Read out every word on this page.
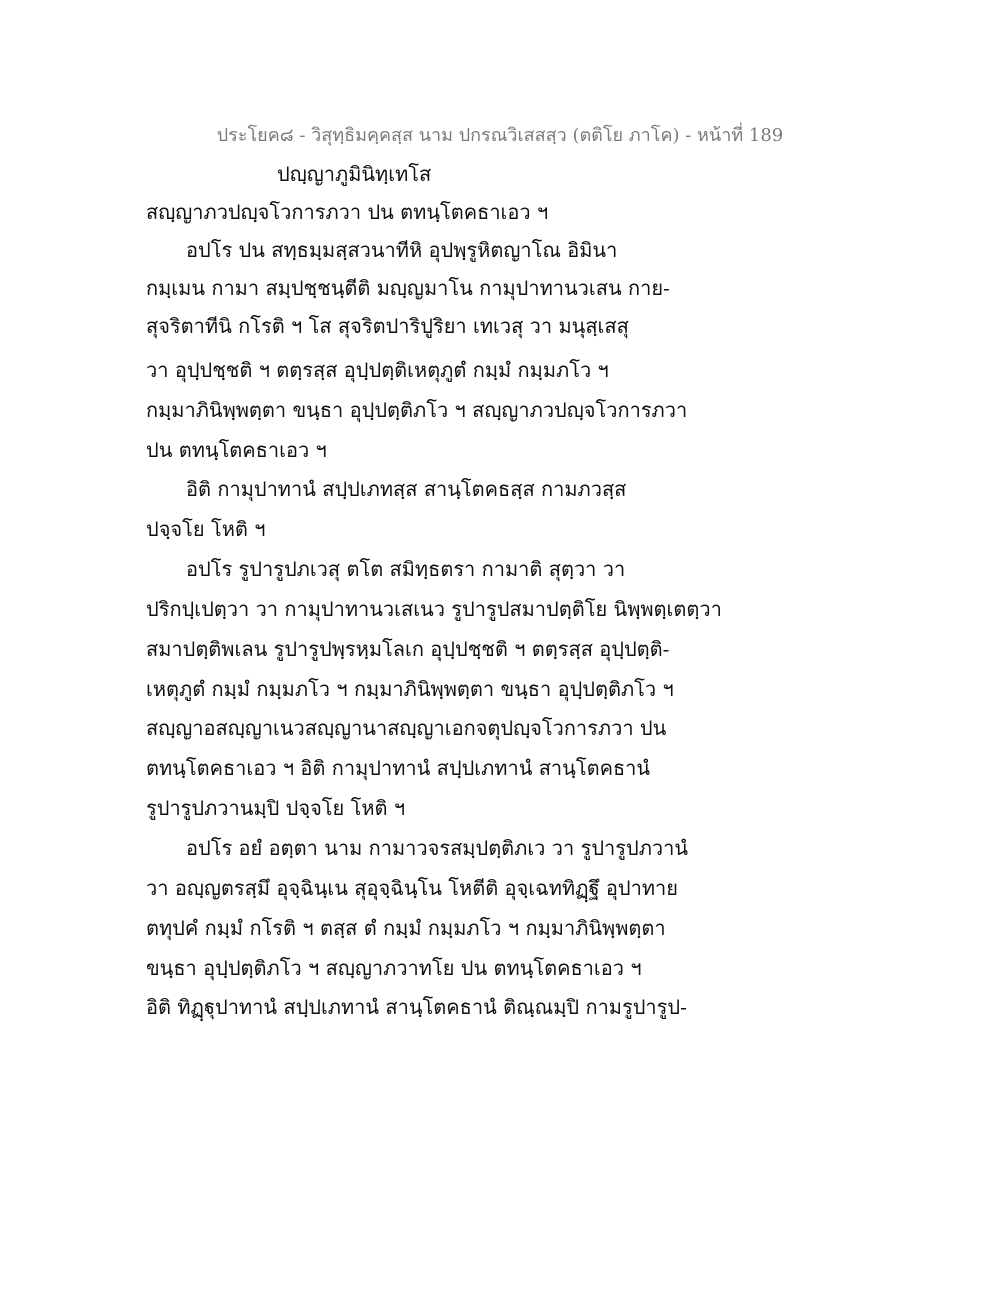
ประโยค๘ - วิสุทฺธิมคฺคสฺส นาม ปกรณวิเสสสฺว (ตติโย ภาโค) - หน้าที่ 189
ปญฺญาภูมินิทฺเทโส
สญฺญาภวปญฺจโวการภวา ปน ตทนฺโตคธาเอว ฯ
อปโร ปน สทฺธมฺมสฺสวนาทีหิ อุปพฺรูหิตญาโณ อิมินา
กมฺเมน กามา สมฺปชฺชนฺตีติ มญฺญมาโน กามุปาทานวเสน กาย-
สุจริตาทีนิ กโรติ ฯ โส สุจริตปาริปูริยา เทเวสุ วา มนุสฺเสสุ
วา อุปฺปชฺชติ ฯ ตตฺรสฺส อุปฺปตฺติเหตุภูตํ กมฺมํ กมฺมภโว ฯ
กมฺมาภินิพฺพตฺตา ขนฺธา อุปฺปตฺติภโว ฯ สญฺญาภวปญฺจโวการภวา
ปน ตทนฺโตคธาเอว ฯ
อิติ กามุปาทานํ สปฺปเภทสฺส สานฺโตคธสฺส กามภวสฺส
ปจฺจโย โหติ ฯ
อปโร รูปารูปภเวสุ ตโต สมิทฺธตรา กามาติ สุตฺวา วา
ปริกปฺเปตฺวา วา กามุปาทานวเสเนว รูปารูปสมาปตฺติโย นิพฺพตฺเตตฺวา
สมาปตฺติพเลน รูปารูปพฺรหฺมโลเก อุปฺปชฺชติ ฯ ตตฺรสฺส อุปฺปตฺติ-
เหตุภูตํ กมฺมํ กมฺมภโว ฯ กมฺมาภินิพฺพตฺตา ขนฺธา อุปฺปตฺติภโว ฯ
สญฺญาอสญฺญาเนวสญฺญานาสญฺญาเอกจตุปญฺจโวการภวา ปน
ตทนฺโตคธาเอว ฯ อิติ กามุปาทานํ สปฺปเภทานํ สานฺโตคธานํ
รูปารูปภวานมฺปิ ปจฺจโย โหติ ฯ
อปโร อยํ อตฺตา นาม กามาวจรสมฺปตฺติภเว วา รูปารูปภวานํ
วา อญฺญตรสฺมึ อุจฺฉินฺเน สุอุจฺฉินฺโน โหตีติ อุจฺเฉททิฏฺฐึ อุปาทาย
ตทุปคํ กมฺมํ กโรติ ฯ ตสฺส ตํ กมฺมํ กมฺมภโว ฯ กมฺมาภินิพฺพตฺตา
ขนฺธา อุปฺปตฺติภโว ฯ สญฺญาภวาทโย ปน ตทนฺโตคธาเอว ฯ
อิติ ทิฏฺฐุปาทานํ สปฺปเภทานํ สานฺโตคธานํ ติณฺณมฺปิ กามรูปารูป-
